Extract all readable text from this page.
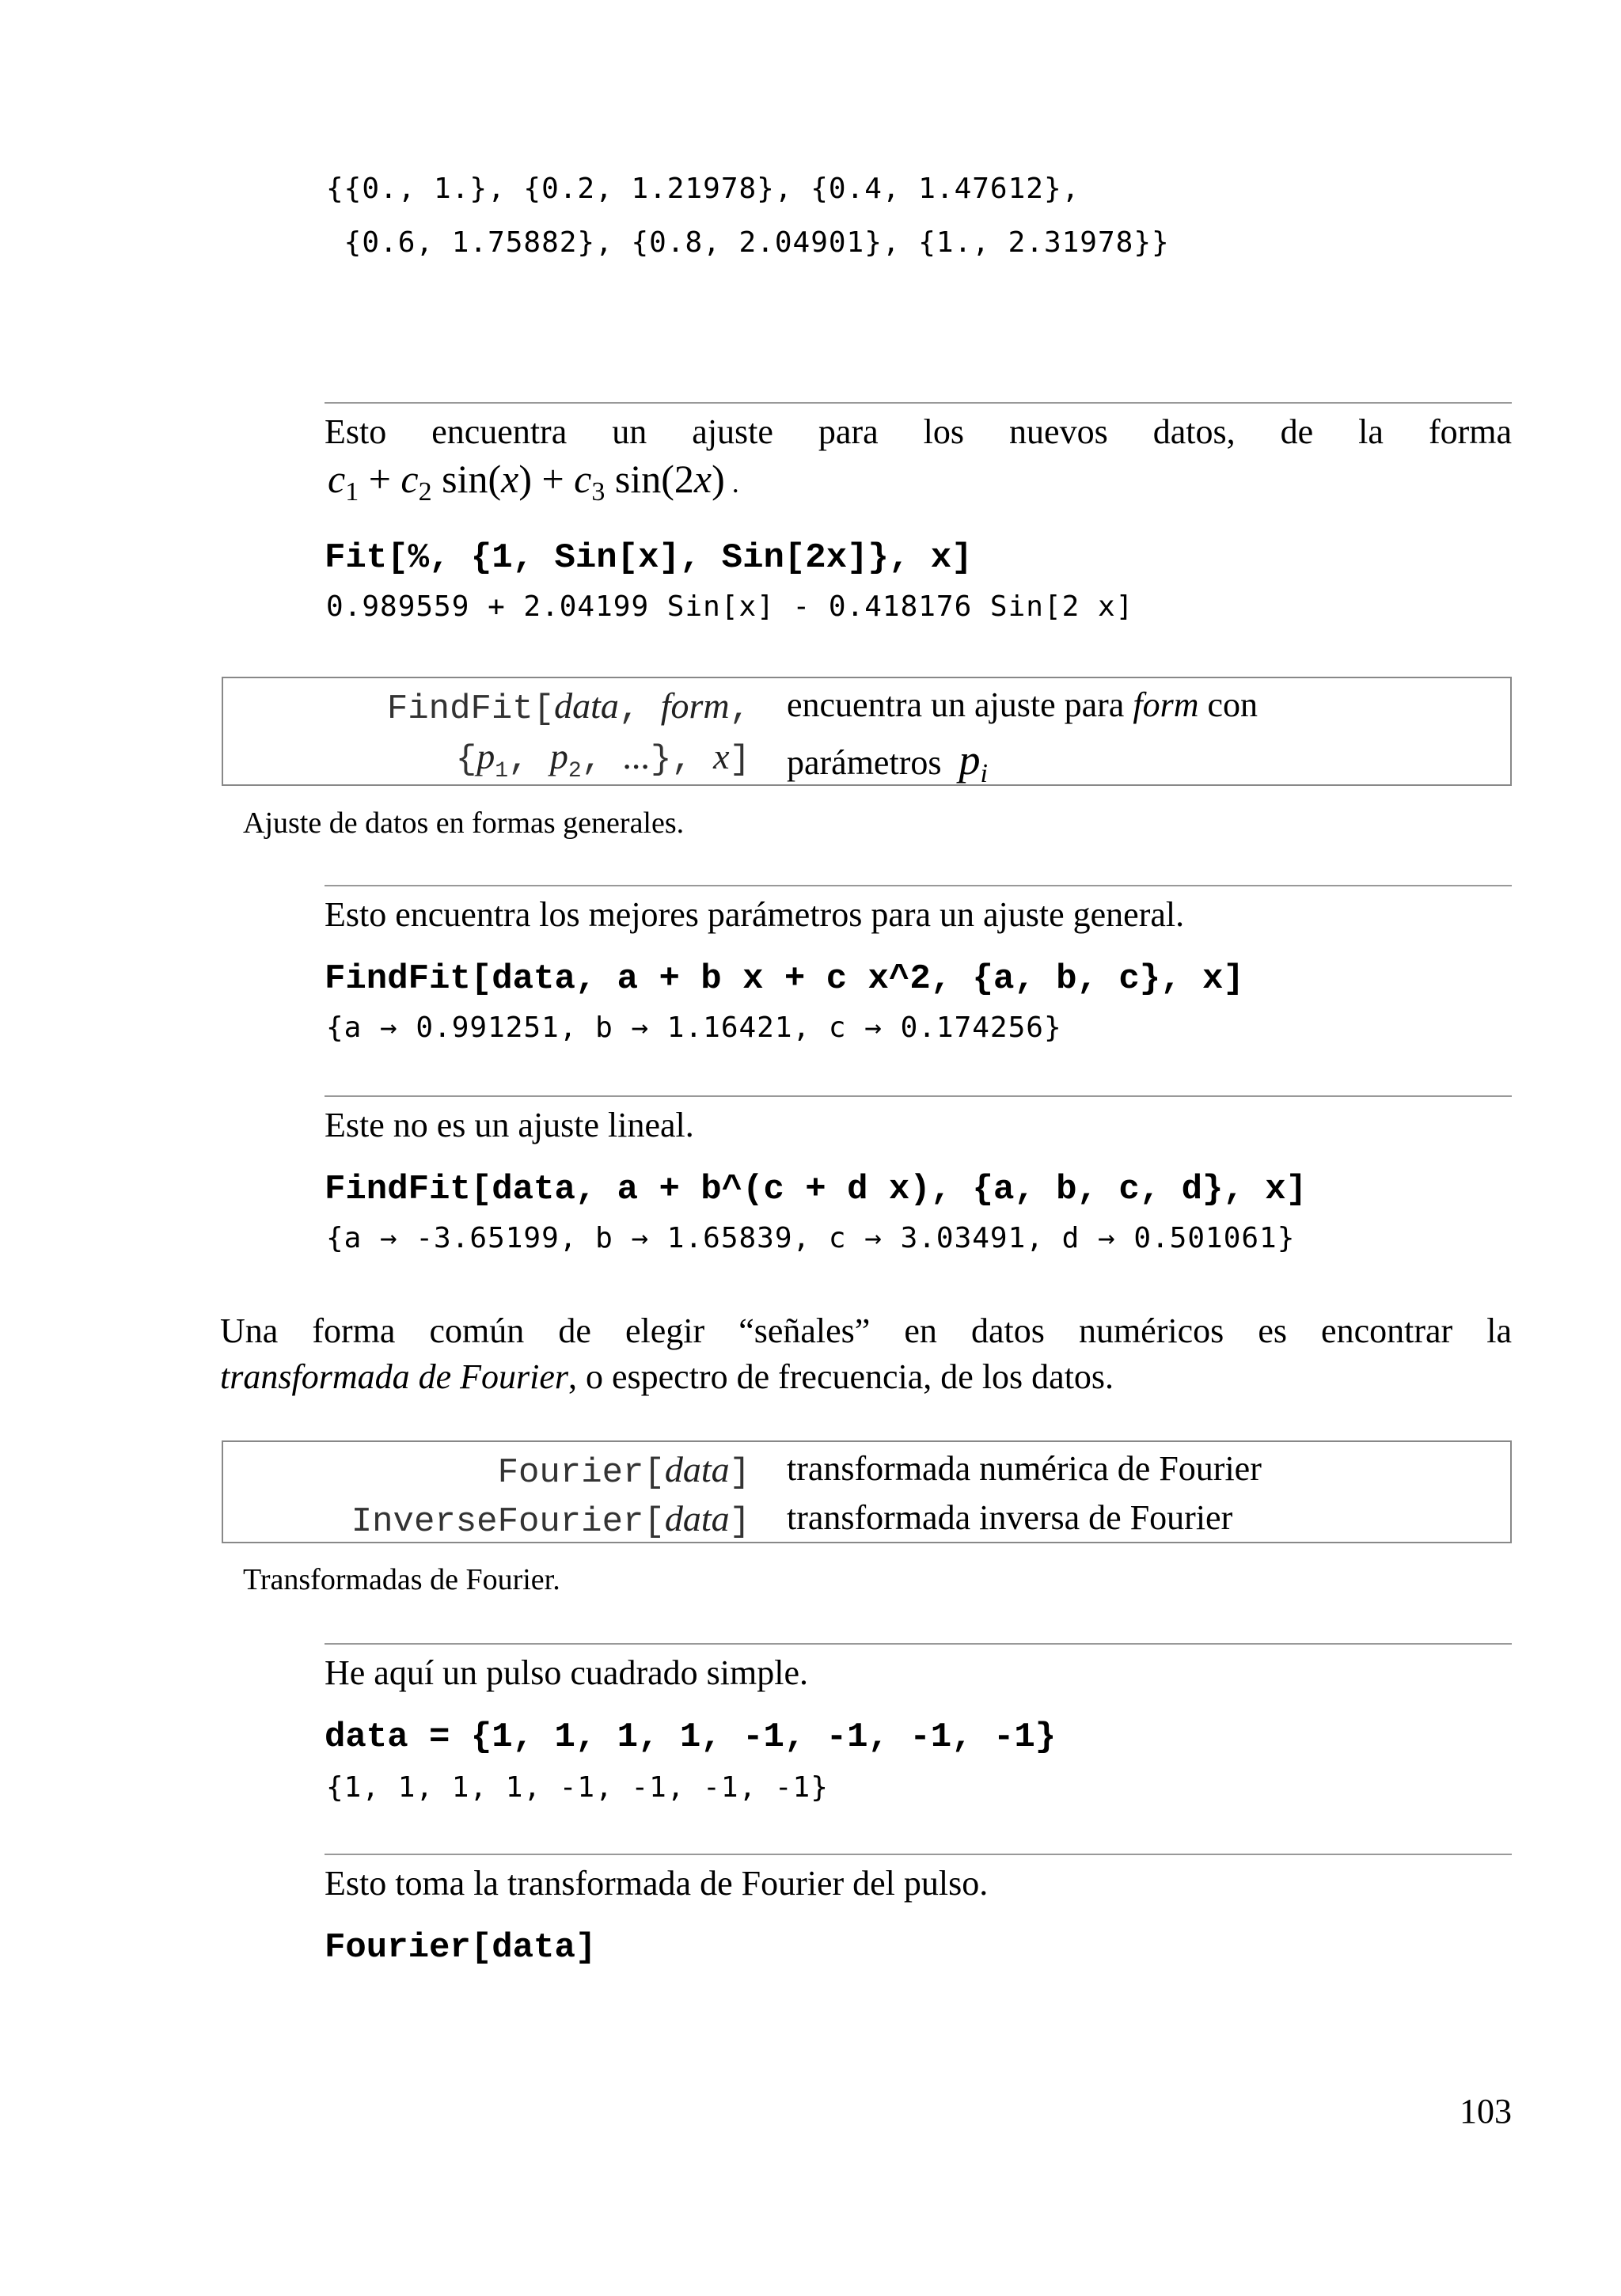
{{0., 1.}, {0.2, 1.21978}, {0.4, 1.47612},
{0.6, 1.75882}, {0.8, 2.04901}, {1., 2.31978}}
Esto encuentra un ajuste para los nuevos datos, de la forma
$c_1 + c_2$ $\sin(x) + c_3$ sin(2x) .
Fit[%, {1, Sin[x], Sin[2x]}, x]
0.989559 + 2.04199 Sin[x] - 0.418176 Sin[2 x]
FindFit[data, form,
{$p_1$, $p_2$, ...}, x]
encuentra un ajuste para form con
parámetros $p_i$
Ajuste de datos en formas generales.
Esto encuentra los mejores parámetros para un ajuste general.
FindFit[data, a + b x + c x^2, {a, b, c}, x]
{a → 0.991251, b → 1.16421, c → 0.174256}
Este no es un ajuste lineal.
FindFit[data, a + b^(c + d x), {a, b, c, d}, x]
{a → -3.65199, b → 1.65839, c → 3.03491, d → 0.501061}
Una forma común de elegir “señales” en datos numéricos es encontrar la
transformada de Fourier, o espectro de frecuencia, de los datos.
Fourier[data] transformada numérica de Fourier
InverseFourier[data] transformada inversa de Fourier
Transformadas de Fourier.
He aquí un pulso cuadrado simple.
data = {1, 1, 1, 1, -1, -1, -1, -1}
{1, 1, 1, 1, -1, -1, -1, -1}
Esto toma la transformada de Fourier del pulso.
Fourier[data]
103
